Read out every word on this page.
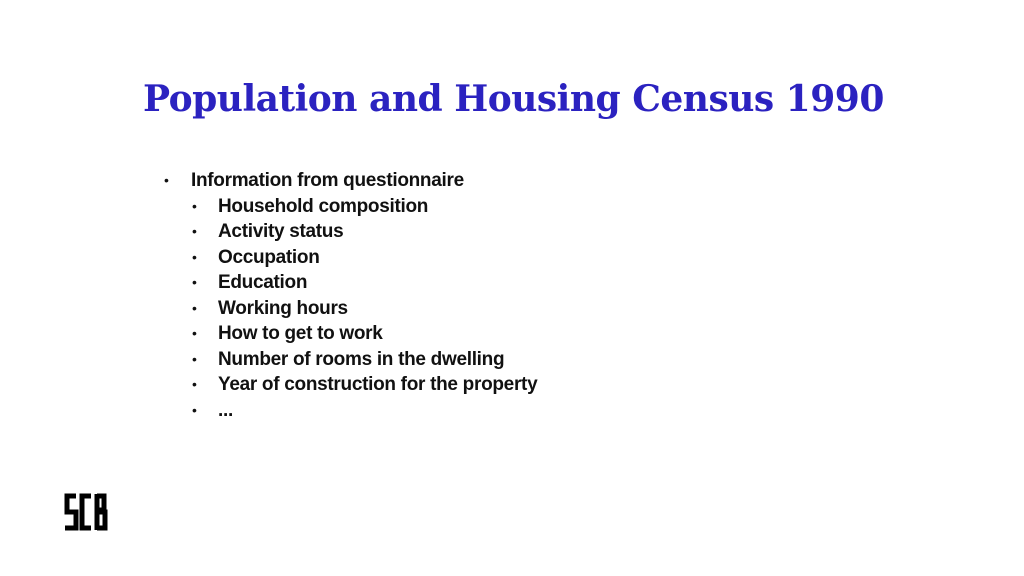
Population and Housing Census 1990
• Information from questionnaire
• Household composition
• Activity status
• Occupation
• Education
• Working hours
• How to get to work
• Number of rooms in the dwelling
• Year of construction for the property
• ...
